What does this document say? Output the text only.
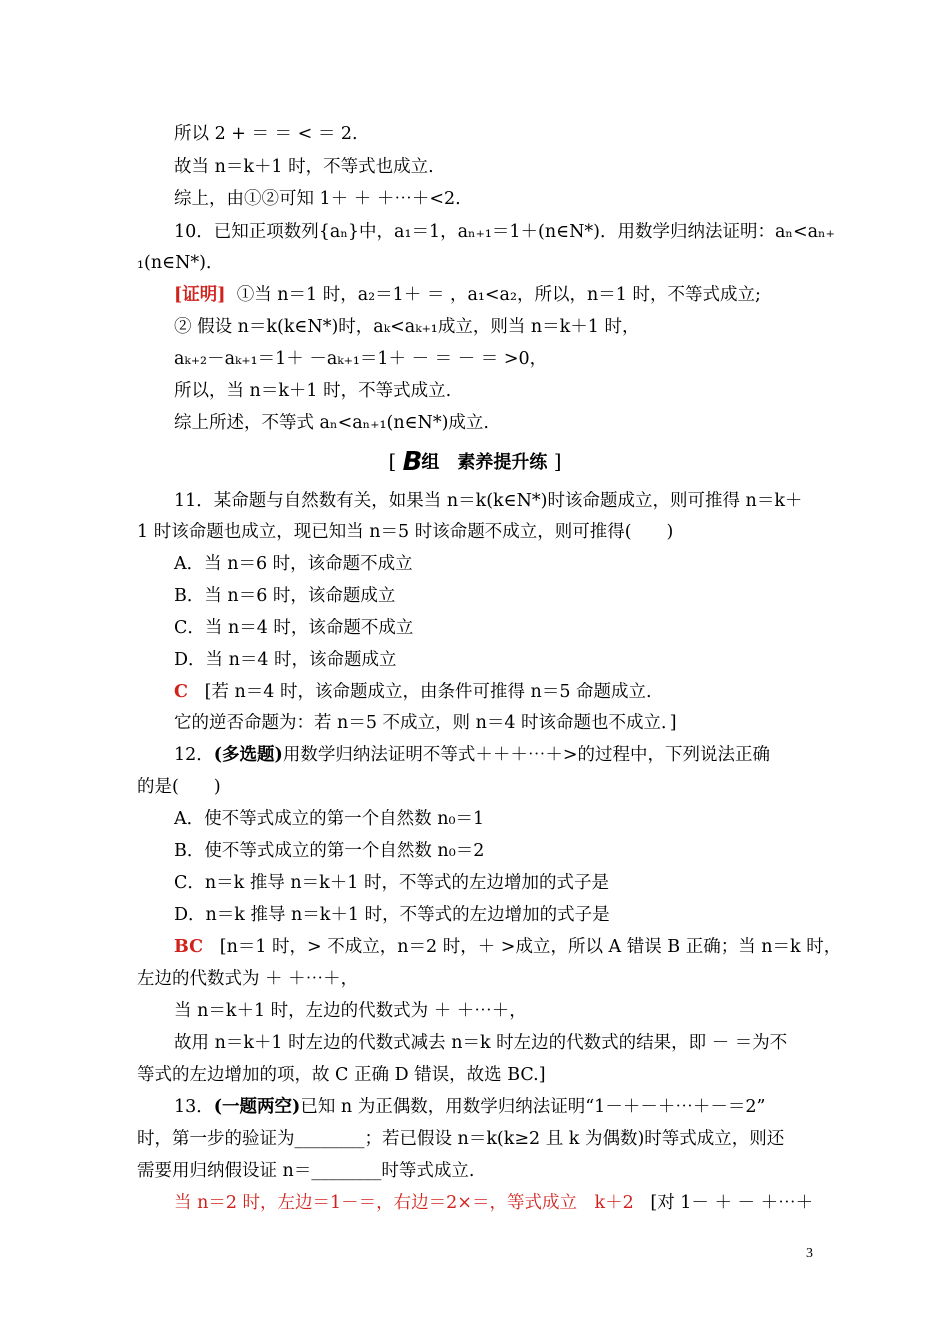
所以 2 + ＝ ＝ < ＝ 2.
故当 n＝k＋1 时，不等式也成立.
综上，由①②可知 1＋ ＋ ＋⋯＋<2.
10．已知正项数列{aₙ}中，a₁＝1，aₙ₊₁＝1＋(n∈N*)．用数学归纳法证明：aₙ<aₙ₊
₁(n∈N*)．
[证明] ①当 n＝1 时，a₂＝1＋ ＝ ，a₁<a₂，所以，n＝1 时，不等式成立;
② 假设 n＝k(k∈N*)时，aₖ<aₖ₊₁成立，则当 n＝k＋1 时，
aₖ₊₂－aₖ₊₁＝1＋ －aₖ₊₁＝1＋ － ＝ － ＝ >0，
所以，当 n＝k＋1 时，不等式成立.
综上所述，不等式 aₙ<aₙ₊₁(n∈N*)成立.
[ B组　素养提升练 ]
11．某命题与自然数有关，如果当 n＝k(k∈N*)时该命题成立，则可推得 n＝k＋
1 时该命题也成立，现已知当 n＝5 时该命题不成立，则可推得(　　)
A．当 n＝6 时，该命题不成立
B．当 n＝6 时，该命题成立
C．当 n＝4 时，该命题不成立
D．当 n＝4 时，该命题成立
C [若 n＝4 时，该命题成立，由条件可推得 n＝5 命题成立.
它的逆否命题为：若 n＝5 不成立，则 n＝4 时该命题也不成立．]
12．(多选题)用数学归纳法证明不等式＋＋＋⋯＋>的过程中，下列说法正确
的是(　　)
A．使不等式成立的第一个自然数 n₀＝1
B．使不等式成立的第一个自然数 n₀＝2
C．n＝k 推导 n＝k＋1 时，不等式的左边增加的式子是
D．n＝k 推导 n＝k＋1 时，不等式的左边增加的式子是
BC [n＝1 时，> 不成立，n＝2 时，＋ >成立，所以 A 错误 B 正确；当 n＝k 时，
左边的代数式为 ＋ ＋⋯＋，
当 n＝k＋1 时，左边的代数式为 ＋ ＋⋯＋，
故用 n＝k＋1 时左边的代数式减去 n＝k 时左边的代数式的结果，即 － ＝为不
等式的左边增加的项，故 C 正确 D 错误，故选 BC.]
13．(一题两空)已知 n 为正偶数，用数学归纳法证明“1－＋－＋⋯＋－＝2”
时，第一步的验证为________；若已假设 n＝k(k≥2 且 k 为偶数)时等式成立，则还
需要用归纳假设证 n＝________时等式成立.
当 n＝2 时，左边＝1－＝，右边＝2×＝，等式成立　k＋2 [对 1－ ＋ － ＋⋯＋
3
